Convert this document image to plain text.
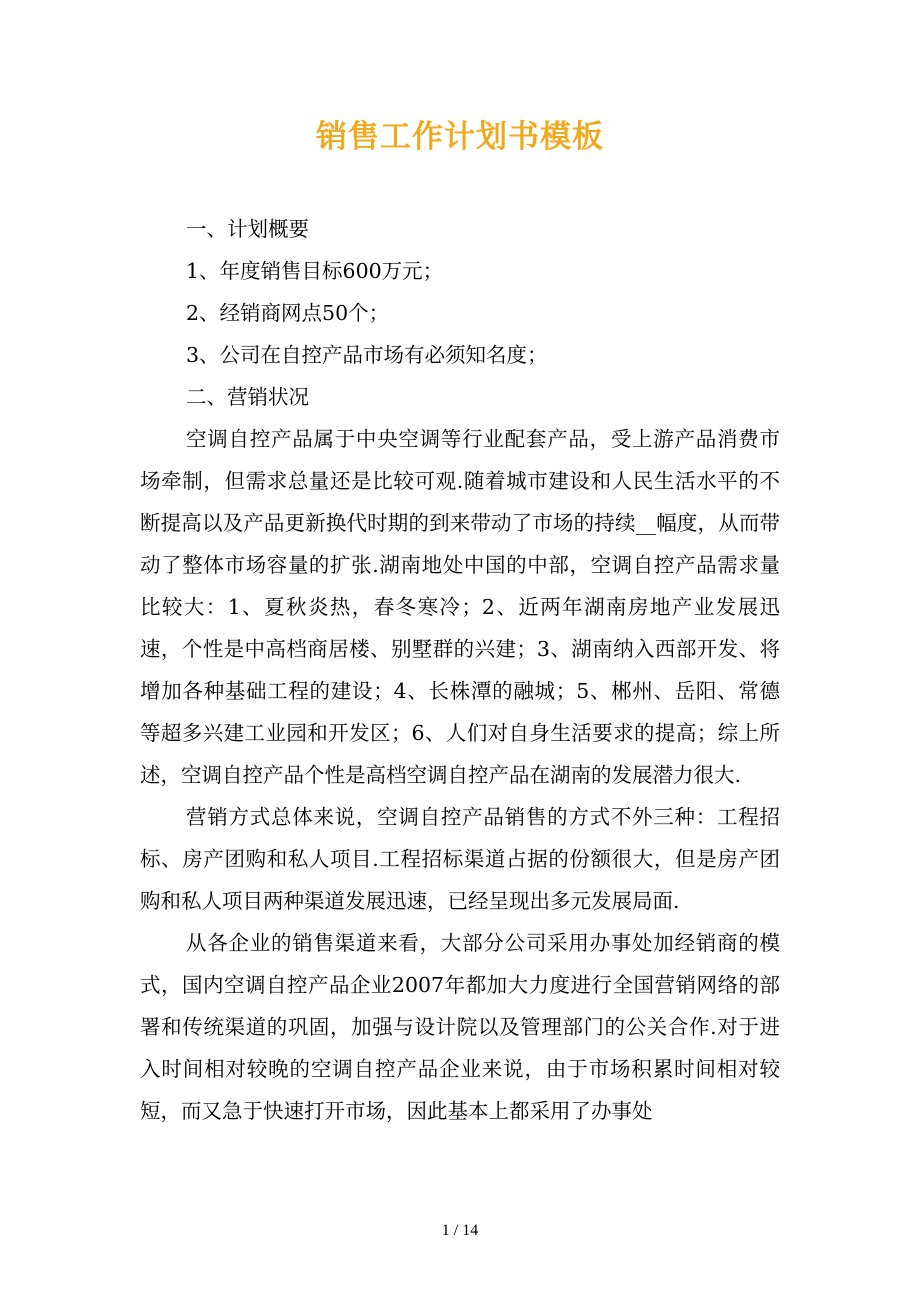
销售工作计划书模板
一、计划概要
1、年度销售目标600万元；
2、经销商网点50个；
3、公司在自控产品市场有必须知名度；
二、营销状况

空调自控产品属于中央空调等行业配套产品，受上游产品消费市场牵制，但需求总量还是比较可观.随着城市建设和人民生活水平的不断提高以及产品更新换代时期的到来带动了市场的持续__幅度，从而带动了整体市场容量的扩张.湖南地处中国的中部，空调自控产品需求量比较大：1、夏秋炎热，春冬寒冷；2、近两年湖南房地产业发展迅速，个性是中高档商居楼、别墅群的兴建；3、湖南纳入西部开发、将增加各种基础工程的建设；4、长株潭的融城；5、郴州、岳阳、常德等超多兴建工业园和开发区；6、人们对自身生活要求的提高；综上所述，空调自控产品个性是高档空调自控产品在湖南的发展潜力很大.

营销方式总体来说，空调自控产品销售的方式不外三种：工程招标、房产团购和私人项目.工程招标渠道占据的份额很大，但是房产团购和私人项目两种渠道发展迅速，已经呈现出多元发展局面.

从各企业的销售渠道来看，大部分公司采用办事处加经销商的模式，国内空调自控产品企业2007年都加大力度进行全国营销网络的部署和传统渠道的巩固，加强与设计院以及管理部门的公关合作.对于进入时间相对较晚的空调自控产品企业来说，由于市场积累时间相对较短，而又急于快速打开市场，因此基本上都采用了办事处

1 / 14
